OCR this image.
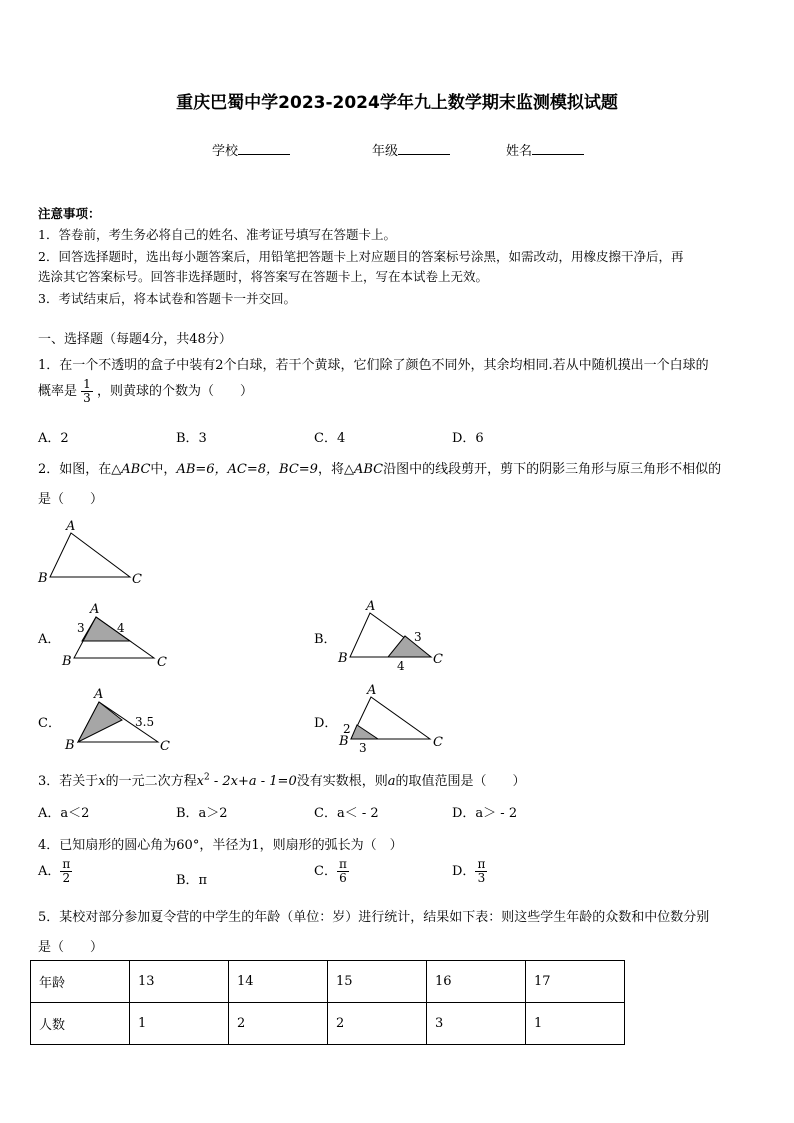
重庆巴蜀中学2023-2024学年九上数学期末监测模拟试题
学校	年级	姓名
注意事项：
1．答卷前，考生务必将自己的姓名、准考证号填写在答题卡上。
2．回答选择题时，选出每小题答案后，用铅笔把答题卡上对应题目的答案标号涂黑，如需改动，用橡皮擦干净后，再
选涂其它答案标号。回答非选择题时，将答案写在答题卡上，写在本试卷上无效。
3．考试结束后，将本试卷和答题卡一并交回。
一、选择题（每题4分，共48分）
1．在一个不透明的盒子中装有2个白球，若干个黄球，它们除了颜色不同外，其余均相同.若从中随机摸出一个白球的
概率是 $\frac{1}{3}$ ，则黄球的个数为（　　）
A．2	B．3	C．4	D．6
2．如图，在△ABC中，AB=6，AC=8，BC=9，将△ABC沿图中的线段剪开，剪下的阴影三角形与原三角形不相似的
是（　　）
A
B	C
A
B	C
3	4
A
B	C
3
4
A
B	C
3.5
A
B	C
2
3
A．	B．
C．	D．
3．若关于x的一元二次方程$x^2 - 2x+a - 1=0$没有实数根，则a的取值范围是（　　）
A．a＜2	B．a＞2	C．a＜ - 2	D．a＞ - 2
4．已知扇形的圆心角为60°，半径为1，则扇形的弧长为（　）
A． $\frac{\pi}{2}$	B．π
C． $\frac{\pi}{6}$	D． $\frac{\pi}{3}$
5．某校对部分参加夏令营的中学生的年龄（单位：岁）进行统计，结果如下表：则这些学生年龄的众数和中位数分别
是（　　）
年龄	13	14	15	16	17
人数	1	2	2	3	1
